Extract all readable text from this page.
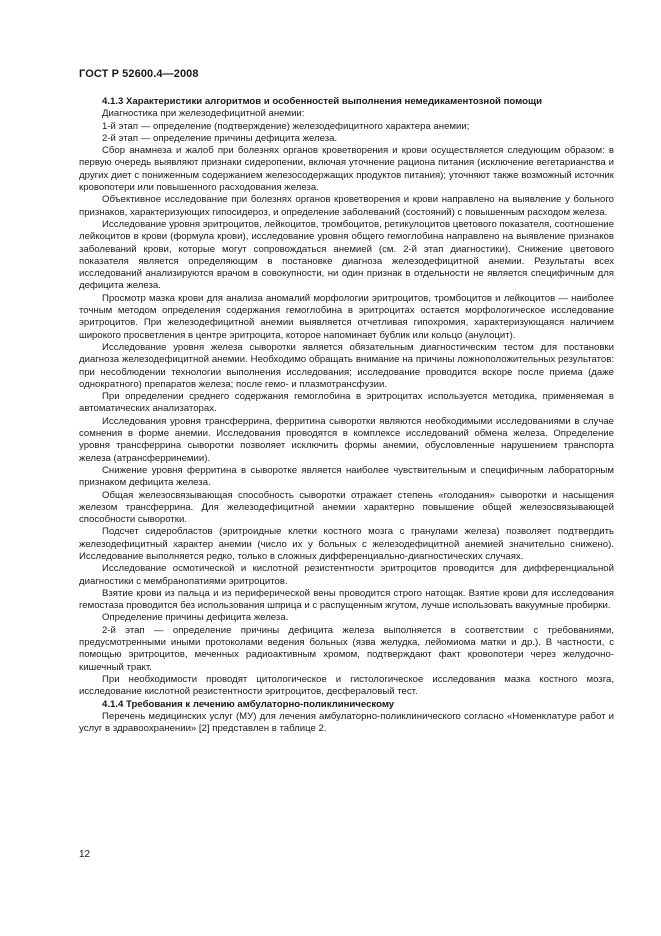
ГОСТ Р 52600.4—2008

4.1.3 Характеристики алгоритмов и особенностей выполнения немедикаментозной помощи

Диагностика при железодефицитной анемии:

1-й этап — определение (подтверждение) железодефицитного характера анемии;

2-й этап — определение причины дефицита железа.

Сбор анамнеза и жалоб при болезнях органов кроветворения и крови осуществляется следующим образом: в первую очередь выявляют признаки сидеропении, включая уточнение рациона питания (исключение вегетарианства и других диет с пониженным содержанием железосодержащих продуктов питания); уточняют также возможный источник кровопотери или повышенного расходования железа.

Объективное исследование при болезнях органов кроветворения и крови направлено на выявление у больного признаков, характеризующих гипосидероз, и определение заболеваний (состояний) с повышенным расходом железа.

Исследование уровня эритроцитов, лейкоцитов, тромбоцитов, ретикулоцитов цветового показателя, соотношение лейкоцитов в крови (формула крови), исследование уровня общего гемоглобина направлено на выявление признаков заболеваний крови, которые могут сопровождаться анемией (см. 2-й этап диагностики). Снижение цветового показателя является определяющим в постановке диагноза железодефицитной анемии. Результаты всех исследований анализируются врачом в совокупности, ни один признак в отдельности не является специфичным для дефицита железа.

Просмотр мазка крови для анализа аномалий морфологии эритроцитов, тромбоцитов и лейкоцитов — наиболее точным методом определения содержания гемоглобина в эритроцитах остается морфологическое исследование эритроцитов. При железодефицитной анемии выявляется отчетливая гипохромия, характеризующаяся наличием широкого просветления в центре эритроцита, которое напоминает бублик или кольцо (анулоцит).

Исследование уровня железа сыворотки является обязательным диагностическим тестом для постановки диагноза железодефицитной анемии. Необходимо обращать внимание на причины ложноположительных результатов: при несоблюдении технологии выполнения исследования; исследование проводится вскоре после приема (даже однократного) препаратов железа; после гемо- и плазмотрансфузии.

При определении среднего содержания гемоглобина в эритроцитах используется методика, применяемая в автоматических анализаторах.

Исследования уровня трансферрина, ферритина сыворотки являются необходимыми исследованиями в случае сомнения в форме анемии. Исследования проводятся в комплексе исследований обмена железа. Определение уровня трансферрина сыворотки позволяет исключить формы анемии, обусловленные нарушением транспорта железа (атрансферринемии).

Снижение уровня ферритина в сыворотке является наиболее чувствительным и специфичным лабораторным признаком дефицита железа.

Общая железосвязывающая способность сыворотки отражает степень «голодания» сыворотки и насыщения железом трансферрина. Для железодефицитной анемии характерно повышение общей железосвязывающей способности сыворотки.

Подсчет сидеробластов (эритроидные клетки костного мозга с гранулами железа) позволяет подтвердить железодефицитный характер анемии (число их у больных с железодефицитной анемией значительно снижено). Исследование выполняется редко, только в сложных дифференциально-диагностических случаях.

Исследование осмотической и кислотной резистентности эритроцитов проводится для дифференциальной диагностики с мембранопатиями эритроцитов.

Взятие крови из пальца и из периферической вены проводится строго натощак. Взятие крови для исследования гемостаза проводится без использования шприца и с распущенным жгутом, лучше использовать вакуумные пробирки.

Определение причины дефицита железа.

2-й этап — определение причины дефицита железа выполняется в соответствии с требованиями, предусмотренными иными протоколами ведения больных (язва желудка, лейомиома матки и др.). В частности, с помощью эритроцитов, меченных радиоактивным хромом, подтверждают факт кровопотери через желудочно-кишечный тракт.

При необходимости проводят цитологическое и гистологическое исследования мазка костного мозга, исследование кислотной резистентности эритроцитов, десфераловый тест.

4.1.4 Требования к лечению амбулаторно-поликлиническому

Перечень медицинских услуг (МУ) для лечения амбулаторно-поликлинического согласно «Номенклатуре работ и услуг в здравоохранении» [2] представлен в таблице 2.

12
